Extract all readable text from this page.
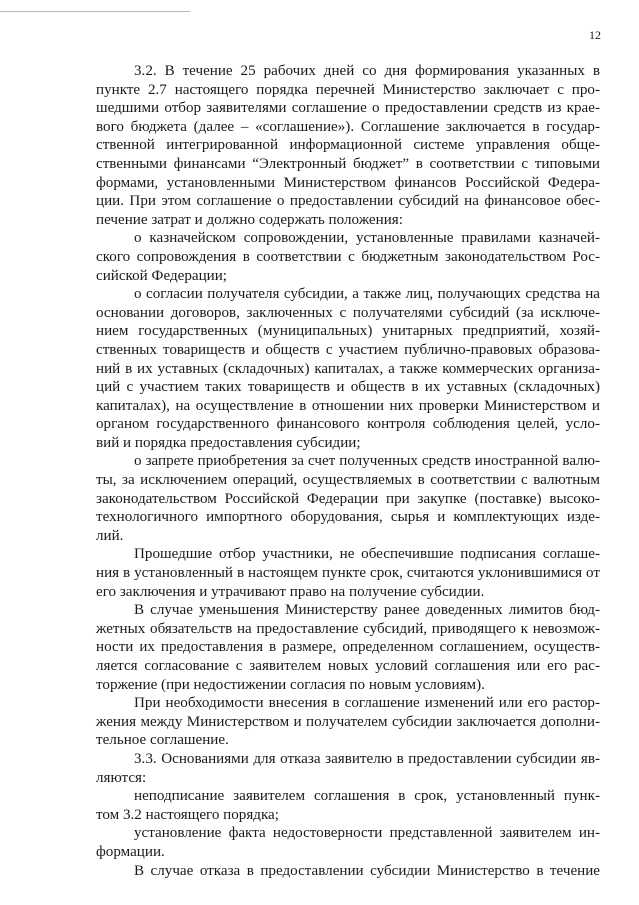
12
3.2. В течение 25 рабочих дней со дня формирования указанных в
пункте 2.7 настоящего порядка перечней Министерство заключает с про-
шедшими отбор заявителями соглашение о предоставлении средств из крае-
вого бюджета (далее – «соглашение»). Соглашение заключается в государ-
ственной интегрированной информационной системе управления обще-
ственными финансами “Электронный бюджет” в соответствии с типовыми
формами, установленными Министерством финансов Российской Федера-
ции. При этом соглашение о предоставлении субсидий на финансовое обес-
печение затрат и должно содержать положения:
о казначейском сопровождении, установленные правилами казначей-
ского сопровождения в соответствии с бюджетным законодательством Рос-
сийской Федерации;
о согласии получателя субсидии, а также лиц, получающих средства на
основании договоров, заключенных с получателями субсидий (за исключе-
нием государственных (муниципальных) унитарных предприятий, хозяй-
ственных товариществ и обществ с участием публично-правовых образова-
ний в их уставных (складочных) капиталах, а также коммерческих организа-
ций с участием таких товариществ и обществ в их уставных (складочных)
капиталах), на осуществление в отношении них проверки Министерством и
органом государственного финансового контроля соблюдения целей, усло-
вий и порядка предоставления субсидии;
о запрете приобретения за счет полученных средств иностранной валю-
ты, за исключением операций, осуществляемых в соответствии с валютным
законодательством Российской Федерации при закупке (поставке) высоко-
технологичного импортного оборудования, сырья и комплектующих изде-
лий.
Прошедшие отбор участники, не обеспечившие подписания соглаше-
ния в установленный в настоящем пункте срок, считаются уклонившимися от
его заключения и утрачивают право на получение субсидии.
В случае уменьшения Министерству ранее доведенных лимитов бюд-
жетных обязательств на предоставление субсидий, приводящего к невозмож-
ности их предоставления в размере, определенном соглашением, осуществ-
ляется согласование с заявителем новых условий соглашения или его рас-
торжение (при недостижении согласия по новым условиям).
При необходимости внесения в соглашение изменений или его растор-
жения между Министерством и получателем субсидии заключается дополни-
тельное соглашение.
3.3. Основаниями для отказа заявителю в предоставлении субсидии яв-
ляются:
неподписание заявителем соглашения в срок, установленный пунк-
том 3.2 настоящего порядка;
установление факта недостоверности представленной заявителем ин-
формации.
В случае отказа в предоставлении субсидии Министерство в течение
